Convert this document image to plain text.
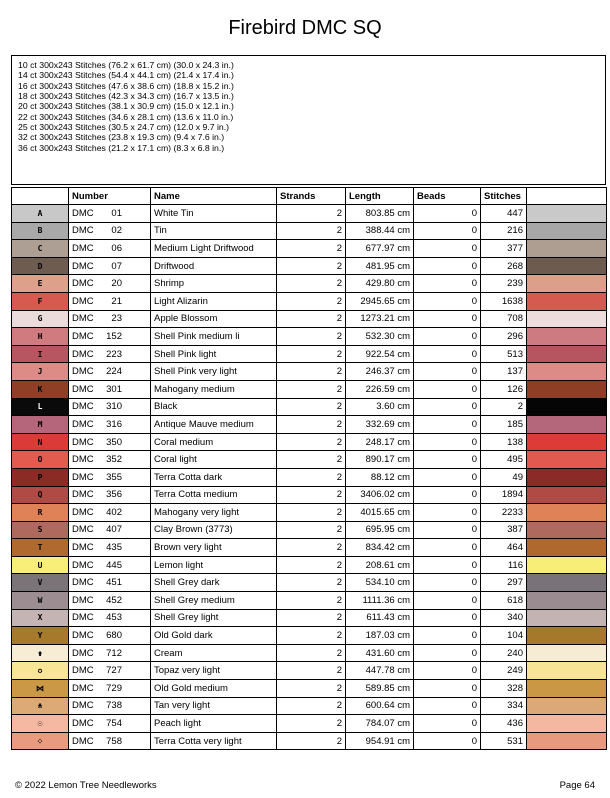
Firebird DMC SQ
10 ct 300x243 Stitches (76.2 x 61.7 cm) (30.0 x 24.3 in.)
14 ct 300x243 Stitches (54.4 x 44.1 cm) (21.4 x 17.4 in.)
16 ct 300x243 Stitches (47.6 x 38.6 cm) (18.8 x 15.2 in.)
18 ct 300x243 Stitches (42.3 x 34.3 cm) (16.7 x 13.5 in.)
20 ct 300x243 Stitches (38.1 x 30.9 cm) (15.0 x 12.1 in.)
22 ct 300x243 Stitches (34.6 x 28.1 cm) (13.6 x 11.0 in.)
25 ct 300x243 Stitches (30.5 x 24.7 cm) (12.0 x 9.7 in.)
32 ct 300x243 Stitches (23.8 x 19.3 cm) (9.4 x 7.6 in.)
36 ct 300x243 Stitches (21.2 x 17.1 cm) (8.3 x 6.8 in.)
	Number	Name	Strands	Length	Beads	Stitches	
A	DMC 01	White Tin	2	803.85 cm	0	447	
B	DMC 02	Tin	2	388.44 cm	0	216	
C	DMC 06	Medium Light Driftwood	2	677.97 cm	0	377	
D	DMC 07	Driftwood	2	481.95 cm	0	268	
E	DMC 20	Shrimp	2	429.80 cm	0	239	
F	DMC 21	Light Alizarin	2	2945.65 cm	0	1638	
G	DMC 23	Apple Blossom	2	1273.21 cm	0	708	
H	DMC 152	Shell Pink medium li	2	532.30 cm	0	296	
I	DMC 223	Shell Pink light	2	922.54 cm	0	513	
J	DMC 224	Shell Pink very light	2	246.37 cm	0	137	
K	DMC 301	Mahogany medium	2	226.59 cm	0	126	
L	DMC 310	Black	2	3.60 cm	0	2	
M	DMC 316	Antique Mauve medium	2	332.69 cm	0	185	
N	DMC 350	Coral medium	2	248.17 cm	0	138	
O	DMC 352	Coral light	2	890.17 cm	0	495	
P	DMC 355	Terra Cotta dark	2	88.12 cm	0	49	
Q	DMC 356	Terra Cotta medium	2	3406.02 cm	0	1894	
R	DMC 402	Mahogany very light	2	4015.65 cm	0	2233	
S	DMC 407	Clay Brown (3773)	2	695.95 cm	0	387	
T	DMC 435	Brown very light	2	834.42 cm	0	464	
U	DMC 445	Lemon light	2	208.61 cm	0	116	
V	DMC 451	Shell Grey dark	2	534.10 cm	0	297	
W	DMC 452	Shell Grey medium	2	1111.36 cm	0	618	
X	DMC 453	Shell Grey light	2	611.43 cm	0	340	
Y	DMC 680	Old Gold dark	2	187.03 cm	0	104	
⚱	DMC 712	Cream	2	431.60 cm	0	240	
✪	DMC 727	Topaz very light	2	447.78 cm	0	249	
⋈	DMC 729	Old Gold medium	2	589.85 cm	0	328	
⍲	DMC 738	Tan very light	2	600.64 cm	0	334	
☉	DMC 754	Peach light	2	784.07 cm	0	436	
⁘	DMC 758	Terra Cotta very light	2	954.91 cm	0	531	
© 2022 Lemon Tree Needleworks	Page 64
